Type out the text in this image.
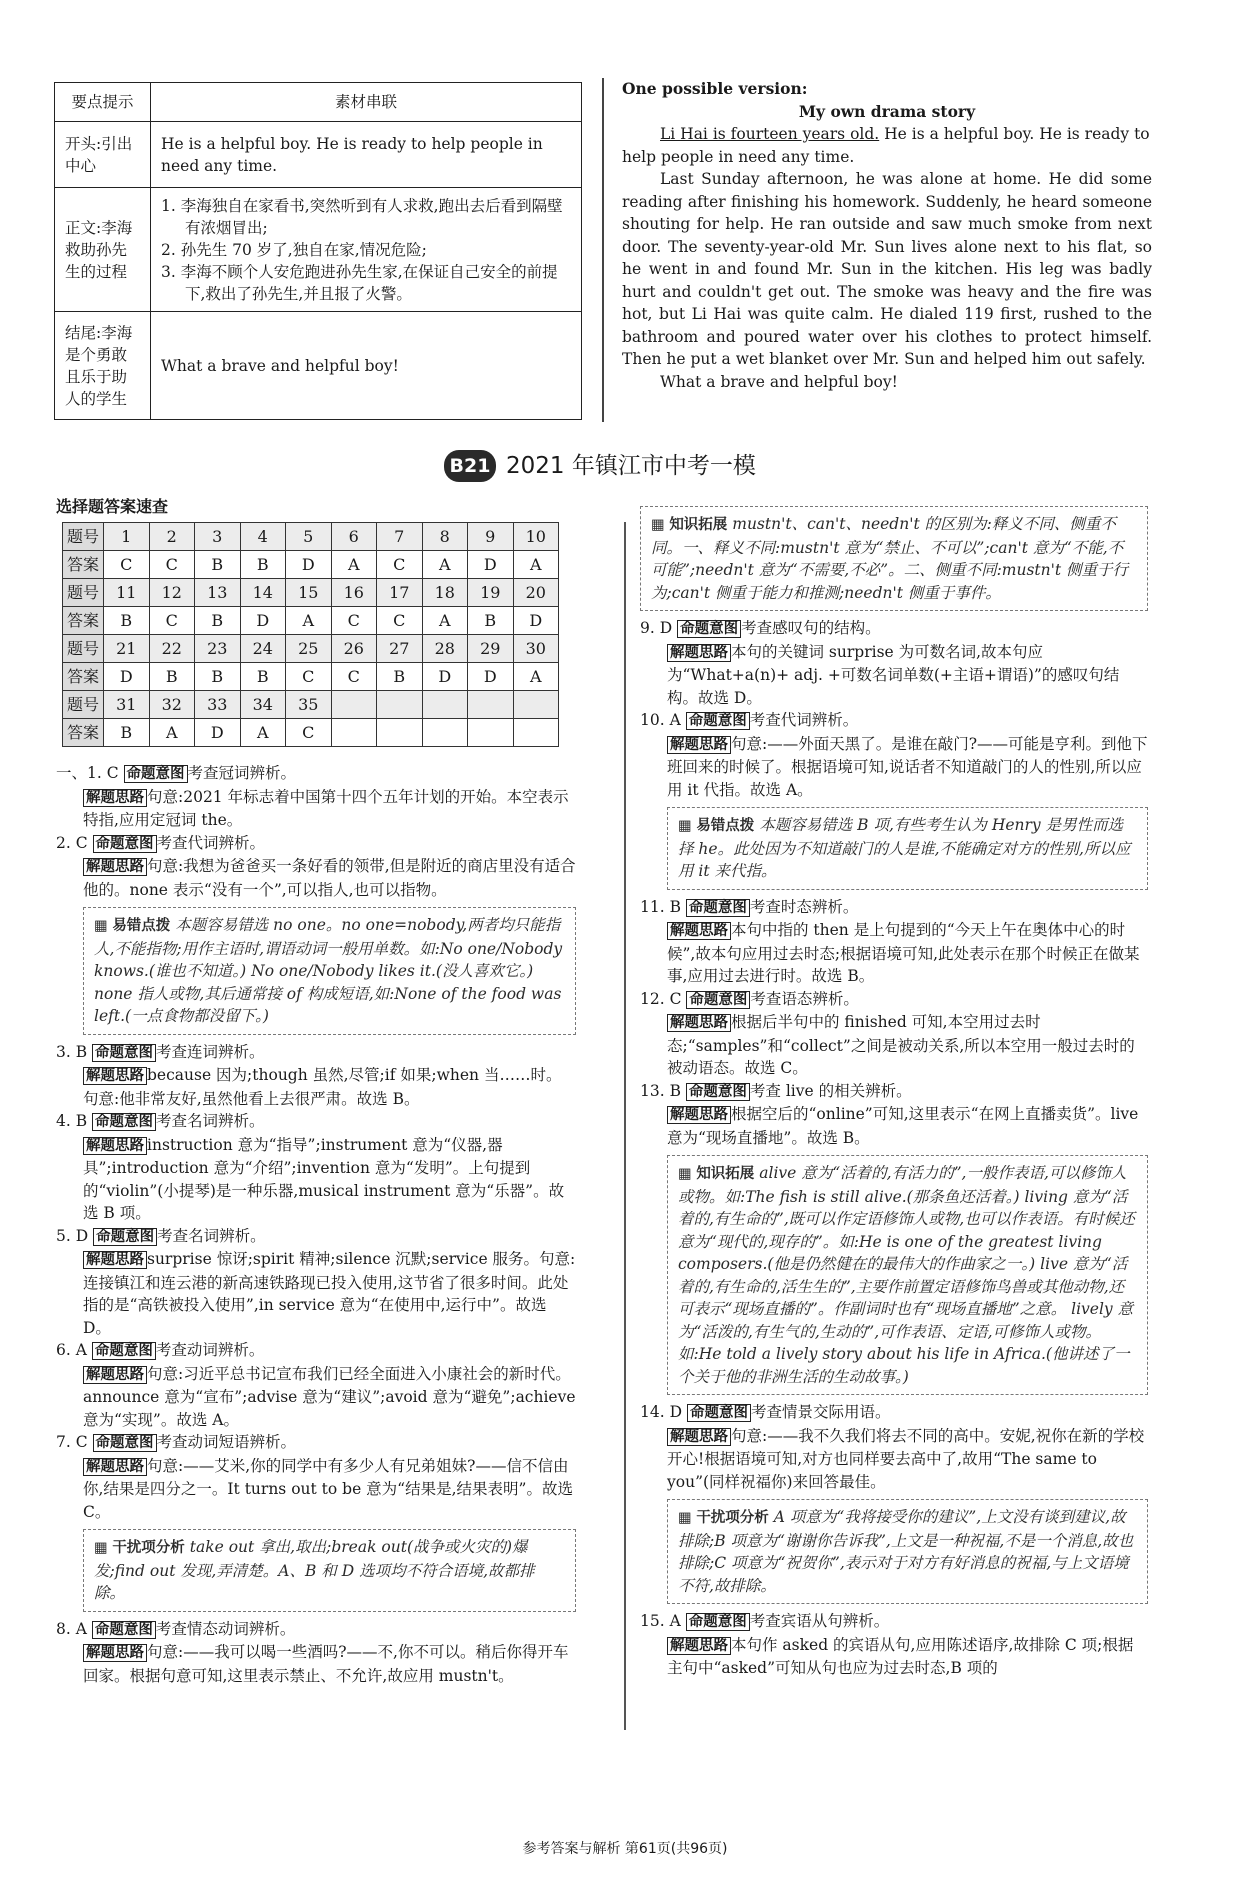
要点提示	素材串联
开头:引出中心	He is a helpful boy. He is ready to help people in need any time.
正文:李海救助孙先生的过程	1. 李海独自在家看书,突然听到有人求救,跑出去后看到隔壁有浓烟冒出;
2. 孙先生 70 岁了,独自在家,情况危险;
3. 李海不顾个人安危跑进孙先生家,在保证自己安全的前提下,救出了孙先生,并且报了火警。

结尾:李海是个勇敢且乐于助人的学生	What a brave and helpful boy!

One possible version:

My own drama story

Li Hai is fourteen years old. He is a helpful boy. He is ready to help people in need any time.

Last Sunday afternoon, he was alone at home. He did some reading after finishing his homework. Suddenly, he heard someone shouting for help. He ran outside and saw much smoke from next door. The seventy-year-old Mr. Sun lives alone next to his flat, so he went in and found Mr. Sun in the kitchen. His leg was badly hurt and couldn't get out. The smoke was heavy and the fire was hot, but Li Hai was quite calm. He dialed 119 first, rushed to the bathroom and poured water over his clothes to protect himself. Then he put a wet blanket over Mr. Sun and helped him out safely.

What a brave and helpful boy!

B21 2021 年镇江市中考一模
选择题答案速查
题号	1	2	3	4	5	6	7	8	9	10
答案	C	C	B	B	D	A	C	A	D	A
题号	11	12	13	14	15	16	17	18	19	20
答案	B	C	B	D	A	C	C	A	B	D
题号	21	22	23	24	25	26	27	28	29	30
答案	D	B	B	B	C	C	B	D	D	A
题号	31	32	33	34	35					
答案	B	A	D	A	C					
一、1. C 命题意图 考查冠词辨析。
解题思路 句意:2021 年标志着中国第十四个五年计划的开始。本空表示特指,应用定冠词 the。
2. C 命题意图 考查代词辨析。
解题思路 句意:我想为爸爸买一条好看的领带,但是附近的商店里没有适合他的。none 表示“没有一个”,可以指人,也可以指物。
▦ 易错点拨 本题容易错选 no one。no one=nobody,两者均只能指人,不能指物;用作主语时,谓语动词一般用单数。如:No one/Nobody knows.(谁也不知道。) No one/Nobody likes it.(没人喜欢它。) none 指人或物,其后通常接 of 构成短语,如:None of the food was left.(一点食物都没留下。)
3. B 命题意图 考查连词辨析。
解题思路 because 因为;though 虽然,尽管;if 如果;when 当……时。句意:他非常友好,虽然他看上去很严肃。故选 B。
4. B 命题意图 考查名词辨析。
解题思路 instruction 意为“指导”;instrument 意为“仪器,器具”;introduction 意为“介绍”;invention 意为“发明”。上句提到的“violin”(小提琴)是一种乐器,musical instrument 意为“乐器”。故选 B 项。
5. D 命题意图 考查名词辨析。
解题思路 surprise 惊讶;spirit 精神;silence 沉默;service 服务。句意:连接镇江和连云港的新高速铁路现已投入使用,这节省了很多时间。此处指的是“高铁被投入使用”,in service 意为“在使用中,运行中”。故选 D。
6. A 命题意图 考查动词辨析。
解题思路 句意:习近平总书记宣布我们已经全面进入小康社会的新时代。announce 意为“宣布”;advise 意为“建议”;avoid 意为“避免”;achieve 意为“实现”。故选 A。
7. C 命题意图 考查动词短语辨析。
解题思路 句意:——艾米,你的同学中有多少人有兄弟姐妹?——信不信由你,结果是四分之一。It turns out to be 意为“结果是,结果表明”。故选 C。
▦ 干扰项分析 take out 拿出,取出;break out(战争或火灾的)爆发;find out 发现,弄清楚。A、B 和 D 选项均不符合语境,故都排除。
8. A 命题意图 考查情态动词辨析。
解题思路 句意:——我可以喝一些酒吗?——不,你不可以。稍后你得开车回家。根据句意可知,这里表示禁止、不允许,故应用 mustn't。
▦ 知识拓展 mustn't、can't、needn't 的区别为:释义不同、侧重不同。一、释义不同:mustn't 意为“禁止、不可以”;can't 意为“不能,不可能”;needn't 意为“不需要,不必”。二、侧重不同:mustn't 侧重于行为;can't 侧重于能力和推测;needn't 侧重于事件。
9. D 命题意图 考查感叹句的结构。
解题思路 本句的关键词 surprise 为可数名词,故本句应为“What+a(n)+ adj. +可数名词单数(+主语+谓语)”的感叹句结构。故选 D。
10. A 命题意图 考查代词辨析。
解题思路 句意:——外面天黑了。是谁在敲门?——可能是亨利。到他下班回来的时候了。根据语境可知,说话者不知道敲门的人的性别,所以应用 it 代指。故选 A。
▦ 易错点拨 本题容易错选 B 项,有些考生认为 Henry 是男性而选择 he。此处因为不知道敲门的人是谁,不能确定对方的性别,所以应用 it 来代指。
11. B 命题意图 考查时态辨析。
解题思路 本句中指的 then 是上句提到的“今天上午在奥体中心的时候”,故本句应用过去时态;根据语境可知,此处表示在那个时候正在做某事,应用过去进行时。故选 B。
12. C 命题意图 考查语态辨析。
解题思路 根据后半句中的 finished 可知,本空用过去时态;“samples”和“collect”之间是被动关系,所以本空用一般过去时的被动语态。故选 C。
13. B 命题意图 考查 live 的相关辨析。
解题思路 根据空后的“online”可知,这里表示“在网上直播卖货”。live 意为“现场直播地”。故选 B。
▦ 知识拓展 alive 意为“活着的,有活力的”,一般作表语,可以修饰人或物。如:The fish is still alive.(那条鱼还活着。) living 意为“活着的,有生命的”,既可以作定语修饰人或物,也可以作表语。有时候还意为“现代的,现存的”。如:He is one of the greatest living composers.(他是仍然健在的最伟大的作曲家之一。) live 意为“活着的,有生命的,活生生的”,主要作前置定语修饰鸟兽或其他动物,还可表示“现场直播的”。作副词时也有“现场直播地”之意。 lively 意为“活泼的,有生气的,生动的”,可作表语、定语,可修饰人或物。如:He told a lively story about his life in Africa.(他讲述了一个关于他的非洲生活的生动故事。)
14. D 命题意图 考查情景交际用语。
解题思路 句意:——我不久我们将去不同的高中。安妮,祝你在新的学校开心!根据语境可知,对方也同样要去高中了,故用“The same to you”(同样祝福你)来回答最佳。
▦ 干扰项分析 A 项意为“我将接受你的建议”,上文没有谈到建议,故排除;B 项意为“谢谢你告诉我”,上文是一种祝福,不是一个消息,故也排除;C 项意为“祝贺你”,表示对于对方有好消息的祝福,与上文语境不符,故排除。
15. A 命题意图 考查宾语从句辨析。
解题思路 本句作 asked 的宾语从句,应用陈述语序,故排除 C 项;根据主句中“asked”可知从句也应为过去时态,B 项的
参考答案与解析 第61页(共96页)
